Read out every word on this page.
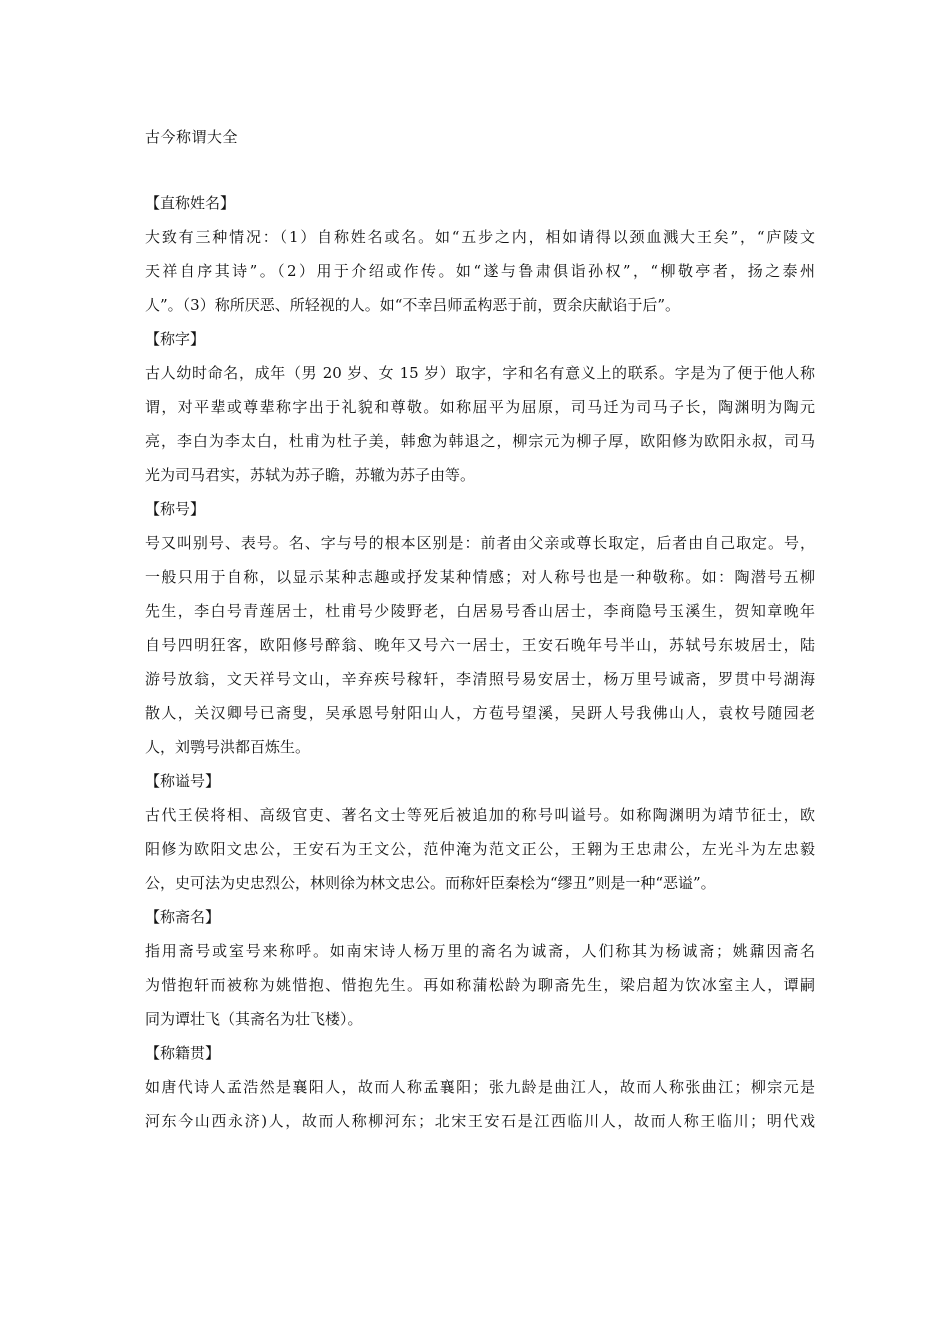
古今称谓大全
【直称姓名】
大致有三种情况：（1）自称姓名或名。如“五步之内，相如请得以颈血溅大王矣”，“庐陵文
天祥自序其诗”。（2）用于介绍或作传。如“遂与鲁肃俱诣孙权”，“柳敬亭者，扬之泰州
人”。（3）称所厌恶、所轻视的人。如“不幸吕师孟构恶于前，贾余庆献谄于后”。
【称字】
古人幼时命名，成年（男 20 岁、女 15 岁）取字，字和名有意义上的联系。字是为了便于他人称
谓，对平辈或尊辈称字出于礼貌和尊敬。如称屈平为屈原，司马迁为司马子长，陶渊明为陶元
亮，李白为李太白，杜甫为杜子美，韩愈为韩退之，柳宗元为柳子厚，欧阳修为欧阳永叔，司马
光为司马君实，苏轼为苏子瞻，苏辙为苏子由等。
【称号】
号又叫别号、表号。名、字与号的根本区别是：前者由父亲或尊长取定，后者由自己取定。号，
一般只用于自称，以显示某种志趣或抒发某种情感；对人称号也是一种敬称。如：陶潜号五柳
先生，李白号青莲居士，杜甫号少陵野老，白居易号香山居士，李商隐号玉溪生，贺知章晚年
自号四明狂客，欧阳修号醉翁、晚年又号六一居士，王安石晚年号半山，苏轼号东坡居士，陆
游号放翁，文天祥号文山，辛弃疾号稼轩，李清照号易安居士，杨万里号诚斋，罗贯中号湖海
散人，关汉卿号已斋叟，吴承恩号射阳山人，方苞号望溪，吴趼人号我佛山人，袁枚号随园老
人，刘鹗号洪都百炼生。
【称谥号】
古代王侯将相、高级官吏、著名文士等死后被追加的称号叫谥号。如称陶渊明为靖节征士，欧
阳修为欧阳文忠公，王安石为王文公，范仲淹为范文正公，王翱为王忠肃公，左光斗为左忠毅
公，史可法为史忠烈公，林则徐为林文忠公。而称奸臣秦桧为“缪丑”则是一种“恶谥”。
【称斋名】
指用斋号或室号来称呼。如南宋诗人杨万里的斋名为诚斋，人们称其为杨诚斋；姚鼐因斋名
为惜抱轩而被称为姚惜抱、惜抱先生。再如称蒲松龄为聊斋先生，梁启超为饮冰室主人，谭嗣
同为谭壮飞（其斋名为壮飞楼）。
【称籍贯】
如唐代诗人孟浩然是襄阳人，故而人称孟襄阳；张九龄是曲江人，故而人称张曲江；柳宗元是
河东今山西永济)人，故而人称柳河东；北宋王安石是江西临川人，故而人称王临川；明代戏
